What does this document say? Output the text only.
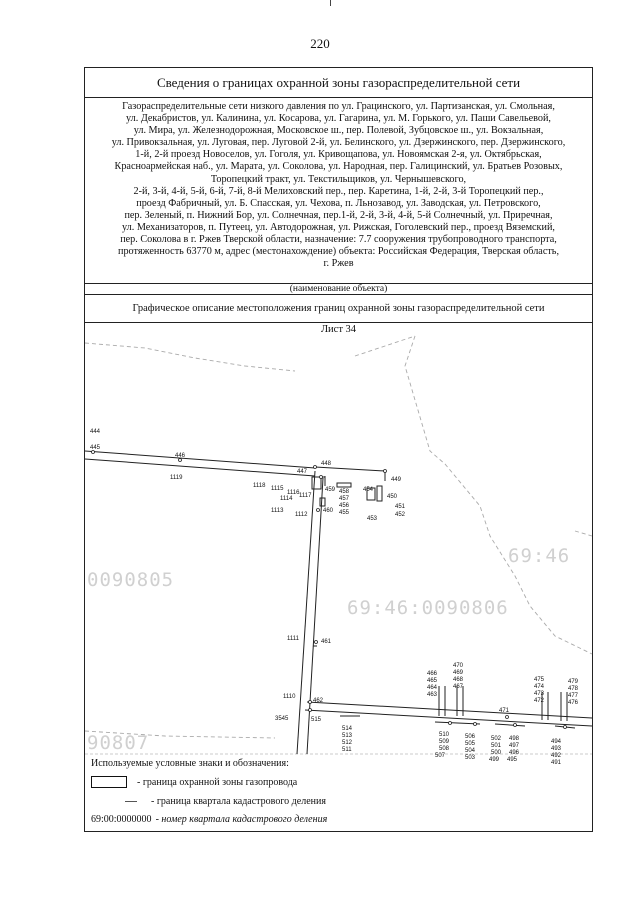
220
Сведения о границах охранной зоны газораспределительной сети
Газораспределительные сети низкого давления по ул. Грацинского, ул. Партизанская, ул. Смольная,
ул. Декабристов, ул. Калинина, ул. Косарова, ул. Гагарина, ул. М. Горького, ул. Паши Савельевой,
ул. Мира, ул. Железнодорожная, Московское ш., пер. Полевой, Зубцовское ш., ул. Вокзальная,
ул. Привокзальная, ул. Луговая, пер. Луговой 2-й, ул. Белинского, ул. Дзержинского, пер. Дзержинского,
1-й, 2-й проезд Новоселов, ул. Гоголя, ул. Кривощапова, ул. Новоямская 2-я, ул. Октябрьская,
Красноармейская наб., ул. Марата, ул. Соколова, ул. Народная, пер. Галицинский, ул. Братьев Розовых,
Торопецкий тракт, ул. Текстильщиков, ул. Чернышевского,
2-й, 3-й, 4-й, 5-й, 6-й, 7-й, 8-й Мелиховский пер., пер. Каретина, 1-й, 2-й, 3-й Торопецкий пер.,
проезд Фабричный, ул. Б. Спасская, ул. Чехова, п. Льнозавод, ул. Заводская, ул. Петровского,
пер. Зеленый, п. Нижний Бор, ул. Солнечная, пер.1-й, 2-й, 3-й, 4-й, 5-й Солнечный, ул. Приречная,
ул. Механизаторов, п. Путеец, ул. Автодорожная, ул. Рижская, Гоголевский пер., проезд Вяземский,
пер. Соколова в г. Ржев Тверской области, назначение: 7.7 сооружения трубопроводного транспорта,
протяженность 63770 м, адрес (местонахождение) объекта: Российская Федерация, Тверская область,
г. Ржев
(наименование объекта)
Графическое описание местоположения границ охранной зоны газораспределительной сети
Лист 34
0090805
69:46:0090806
69:46
90807
444
445
446
1119
448
447
449
1118 1115
1116 1117
1114
1113
1112
459 458
457
456
455
454
450
451
452
453
460
1111	461
1110
462
3545	515
514
513
512
511
466
465
464
463
470
469
468
467
510
509
508
507
506
505
504
503
471
502
501
500
499
498
497
496
495
475
474
473
472
479
478
477
476
494
493
492
491
Используемые условные знаки и обозначения:
- граница охранной зоны газопровода
- граница квартала кадастрового деления
69:00:0000000 - номер квартала кадастрового деления
